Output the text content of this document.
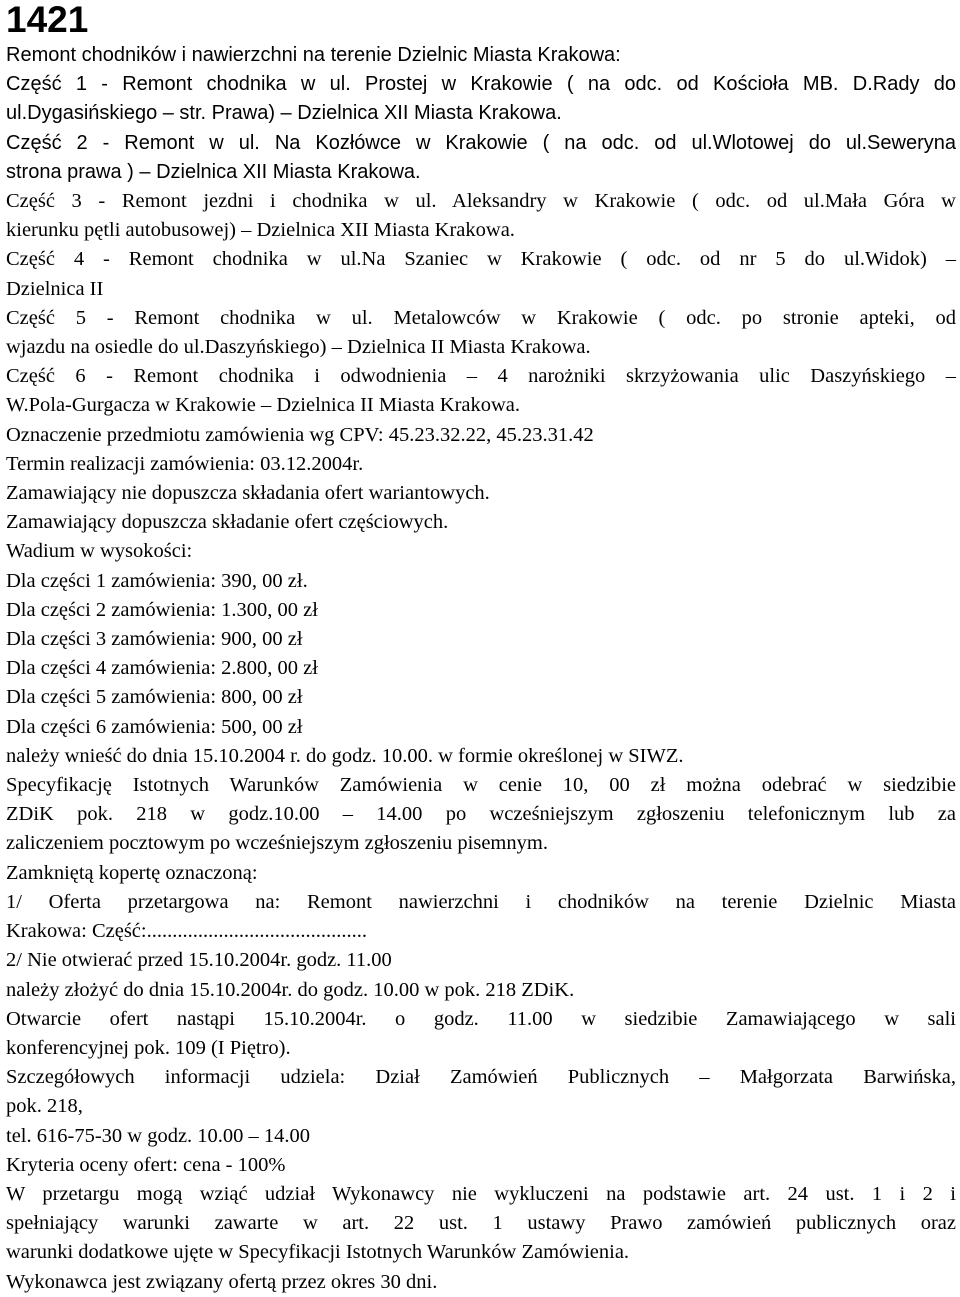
1421
Remont chodników i nawierzchni na terenie Dzielnic Miasta Krakowa:
Część 1 - Remont chodnika w ul. Prostej w Krakowie ( na odc. od Kościoła MB. D.Rady do
ul.Dygasińskiego – str. Prawa) – Dzielnica XII Miasta Krakowa.
Część 2 - Remont w ul. Na Kozłówce w Krakowie ( na odc. od ul.Wlotowej do ul.Seweryna
strona prawa ) – Dzielnica XII Miasta Krakowa.
Część 3 - Remont jezdni i chodnika w ul. Aleksandry w Krakowie ( odc. od ul.Mała Góra w
kierunku pętli autobusowej) – Dzielnica XII Miasta Krakowa.
Część 4 - Remont chodnika w ul.Na Szaniec w Krakowie ( odc. od nr 5 do ul.Widok) –
Dzielnica II
Część 5 - Remont chodnika w ul. Metalowców w Krakowie ( odc. po stronie apteki, od
wjazdu na osiedle do ul.Daszyńskiego) – Dzielnica II Miasta Krakowa.
Część 6 - Remont chodnika i odwodnienia – 4 narożniki skrzyżowania ulic Daszyńskiego –
W.Pola-Gurgacza w Krakowie – Dzielnica II Miasta Krakowa.
Oznaczenie przedmiotu zamówienia wg CPV: 45.23.32.22, 45.23.31.42
Termin realizacji zamówienia: 03.12.2004r.
Zamawiający nie dopuszcza składania ofert wariantowych.
Zamawiający dopuszcza składanie ofert częściowych.
Wadium w wysokości:
Dla części 1 zamówienia: 390, 00 zł.
Dla części 2 zamówienia: 1.300, 00 zł
Dla części 3 zamówienia: 900, 00 zł
Dla części 4 zamówienia: 2.800, 00 zł
Dla części 5 zamówienia: 800, 00 zł
Dla części 6 zamówienia: 500, 00 zł
należy wnieść do dnia 15.10.2004 r. do godz. 10.00. w formie określonej w SIWZ.
Specyfikację Istotnych Warunków Zamówienia w cenie 10, 00 zł można odebrać w siedzibie
ZDiK pok. 218 w godz.10.00 – 14.00 po wcześniejszym zgłoszeniu telefonicznym lub za
zaliczeniem pocztowym po wcześniejszym zgłoszeniu pisemnym.
Zamkniętą kopertę oznaczoną:
1/ Oferta przetargowa na: Remont nawierzchni i chodników na terenie Dzielnic Miasta
Krakowa: Część:...........................................
2/ Nie otwierać przed 15.10.2004r. godz. 11.00
należy złożyć do dnia 15.10.2004r. do godz. 10.00 w pok. 218 ZDiK.
Otwarcie ofert nastąpi 15.10.2004r. o godz. 11.00 w siedzibie Zamawiającego w sali
konferencyjnej pok. 109 (I Piętro).
Szczegółowych informacji udziela: Dział Zamówień Publicznych – Małgorzata Barwińska,
pok. 218,
tel. 616-75-30 w godz. 10.00 – 14.00
Kryteria oceny ofert: cena - 100%
W przetargu mogą wziąć udział Wykonawcy nie wykluczeni na podstawie art. 24 ust. 1 i 2 i
spełniający warunki zawarte w art. 22 ust. 1 ustawy Prawo zamówień publicznych oraz
warunki dodatkowe ujęte w Specyfikacji Istotnych Warunków Zamówienia.
Wykonawca jest związany ofertą przez okres 30 dni.
